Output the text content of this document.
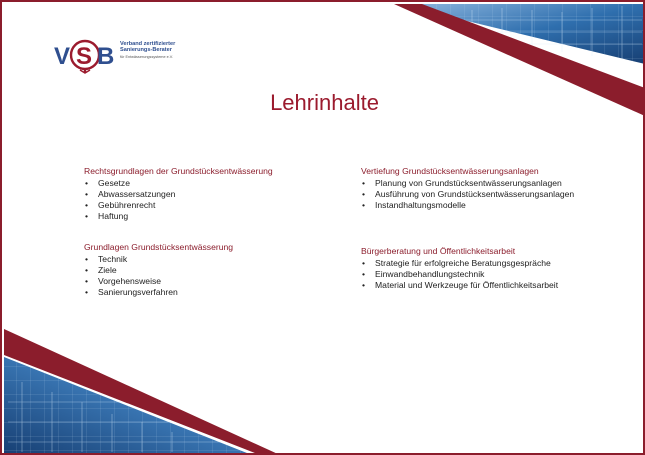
V S B Verband zertifizierter
Sanierungs-Berater
für Entwässerungssysteme e.V.
Lehrinhalte
Rechtsgrundlagen der Grundstücksentwässerung
• Gesetze
• Abwassersatzungen
• Gebührenrecht
• Haftung
Grundlagen Grundstücksentwässerung
• Technik
• Ziele
• Vorgehensweise
• Sanierungsverfahren
Vertiefung Grundstücksentwässerungsanlagen
• Planung von Grundstücksentwässerungsanlagen
• Ausführung von Grundstücksentwässerungsanlagen
• Instandhaltungsmodelle
Bürgerberatung und Öffentlichkeitsarbeit
• Strategie für erfolgreiche Beratungsgespräche
• Einwandbehandlungstechnik
• Material und Werkzeuge für Öffentlichkeitsarbeit
